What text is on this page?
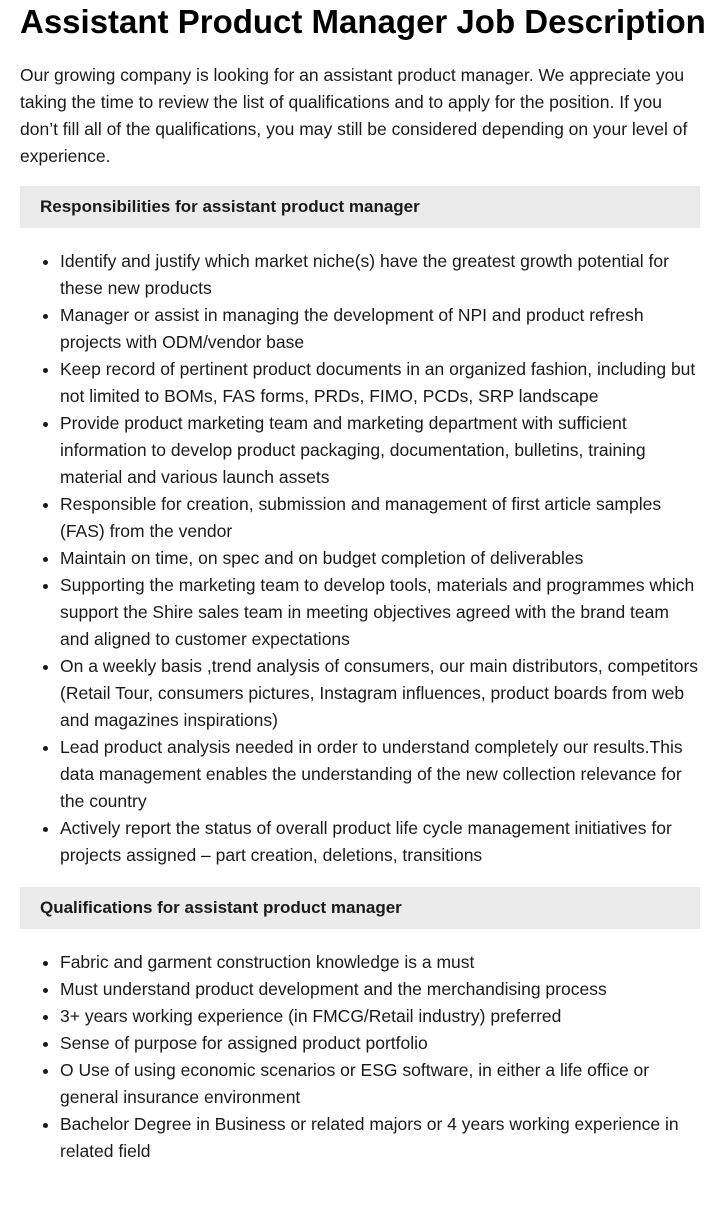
Assistant Product Manager Job Description

Our growing company is looking for an assistant product manager. We appreciate you taking the time to review the list of qualifications and to apply for the position. If you don’t fill all of the qualifications, you may still be considered depending on your level of experience.

Responsibilities for assistant product manager
• Identify and justify which market niche(s) have the greatest growth potential for these new products
• Manager or assist in managing the development of NPI and product refresh projects with ODM/vendor base
• Keep record of pertinent product documents in an organized fashion, including but not limited to BOMs, FAS forms, PRDs, FIMO, PCDs, SRP landscape
• Provide product marketing team and marketing department with sufficient information to develop product packaging, documentation, bulletins, training material and various launch assets
• Responsible for creation, submission and management of first article samples (FAS) from the vendor
• Maintain on time, on spec and on budget completion of deliverables
• Supporting the marketing team to develop tools, materials and programmes which support the Shire sales team in meeting objectives agreed with the brand team and aligned to customer expectations
• On a weekly basis ,trend analysis of consumers, our main distributors, competitors (Retail Tour, consumers pictures, Instagram influences, product boards from web and magazines inspirations)
• Lead product analysis needed in order to understand completely our results.This data management enables the understanding of the new collection relevance for the country
• Actively report the status of overall product life cycle management initiatives for projects assigned – part creation, deletions, transitions
Qualifications for assistant product manager
• Fabric and garment construction knowledge is a must
• Must understand product development and the merchandising process
• 3+ years working experience (in FMCG/Retail industry) preferred
• Sense of purpose for assigned product portfolio
• O Use of using economic scenarios or ESG software, in either a life office or general insurance environment
• Bachelor Degree in Business or related majors or 4 years working experience in related field
